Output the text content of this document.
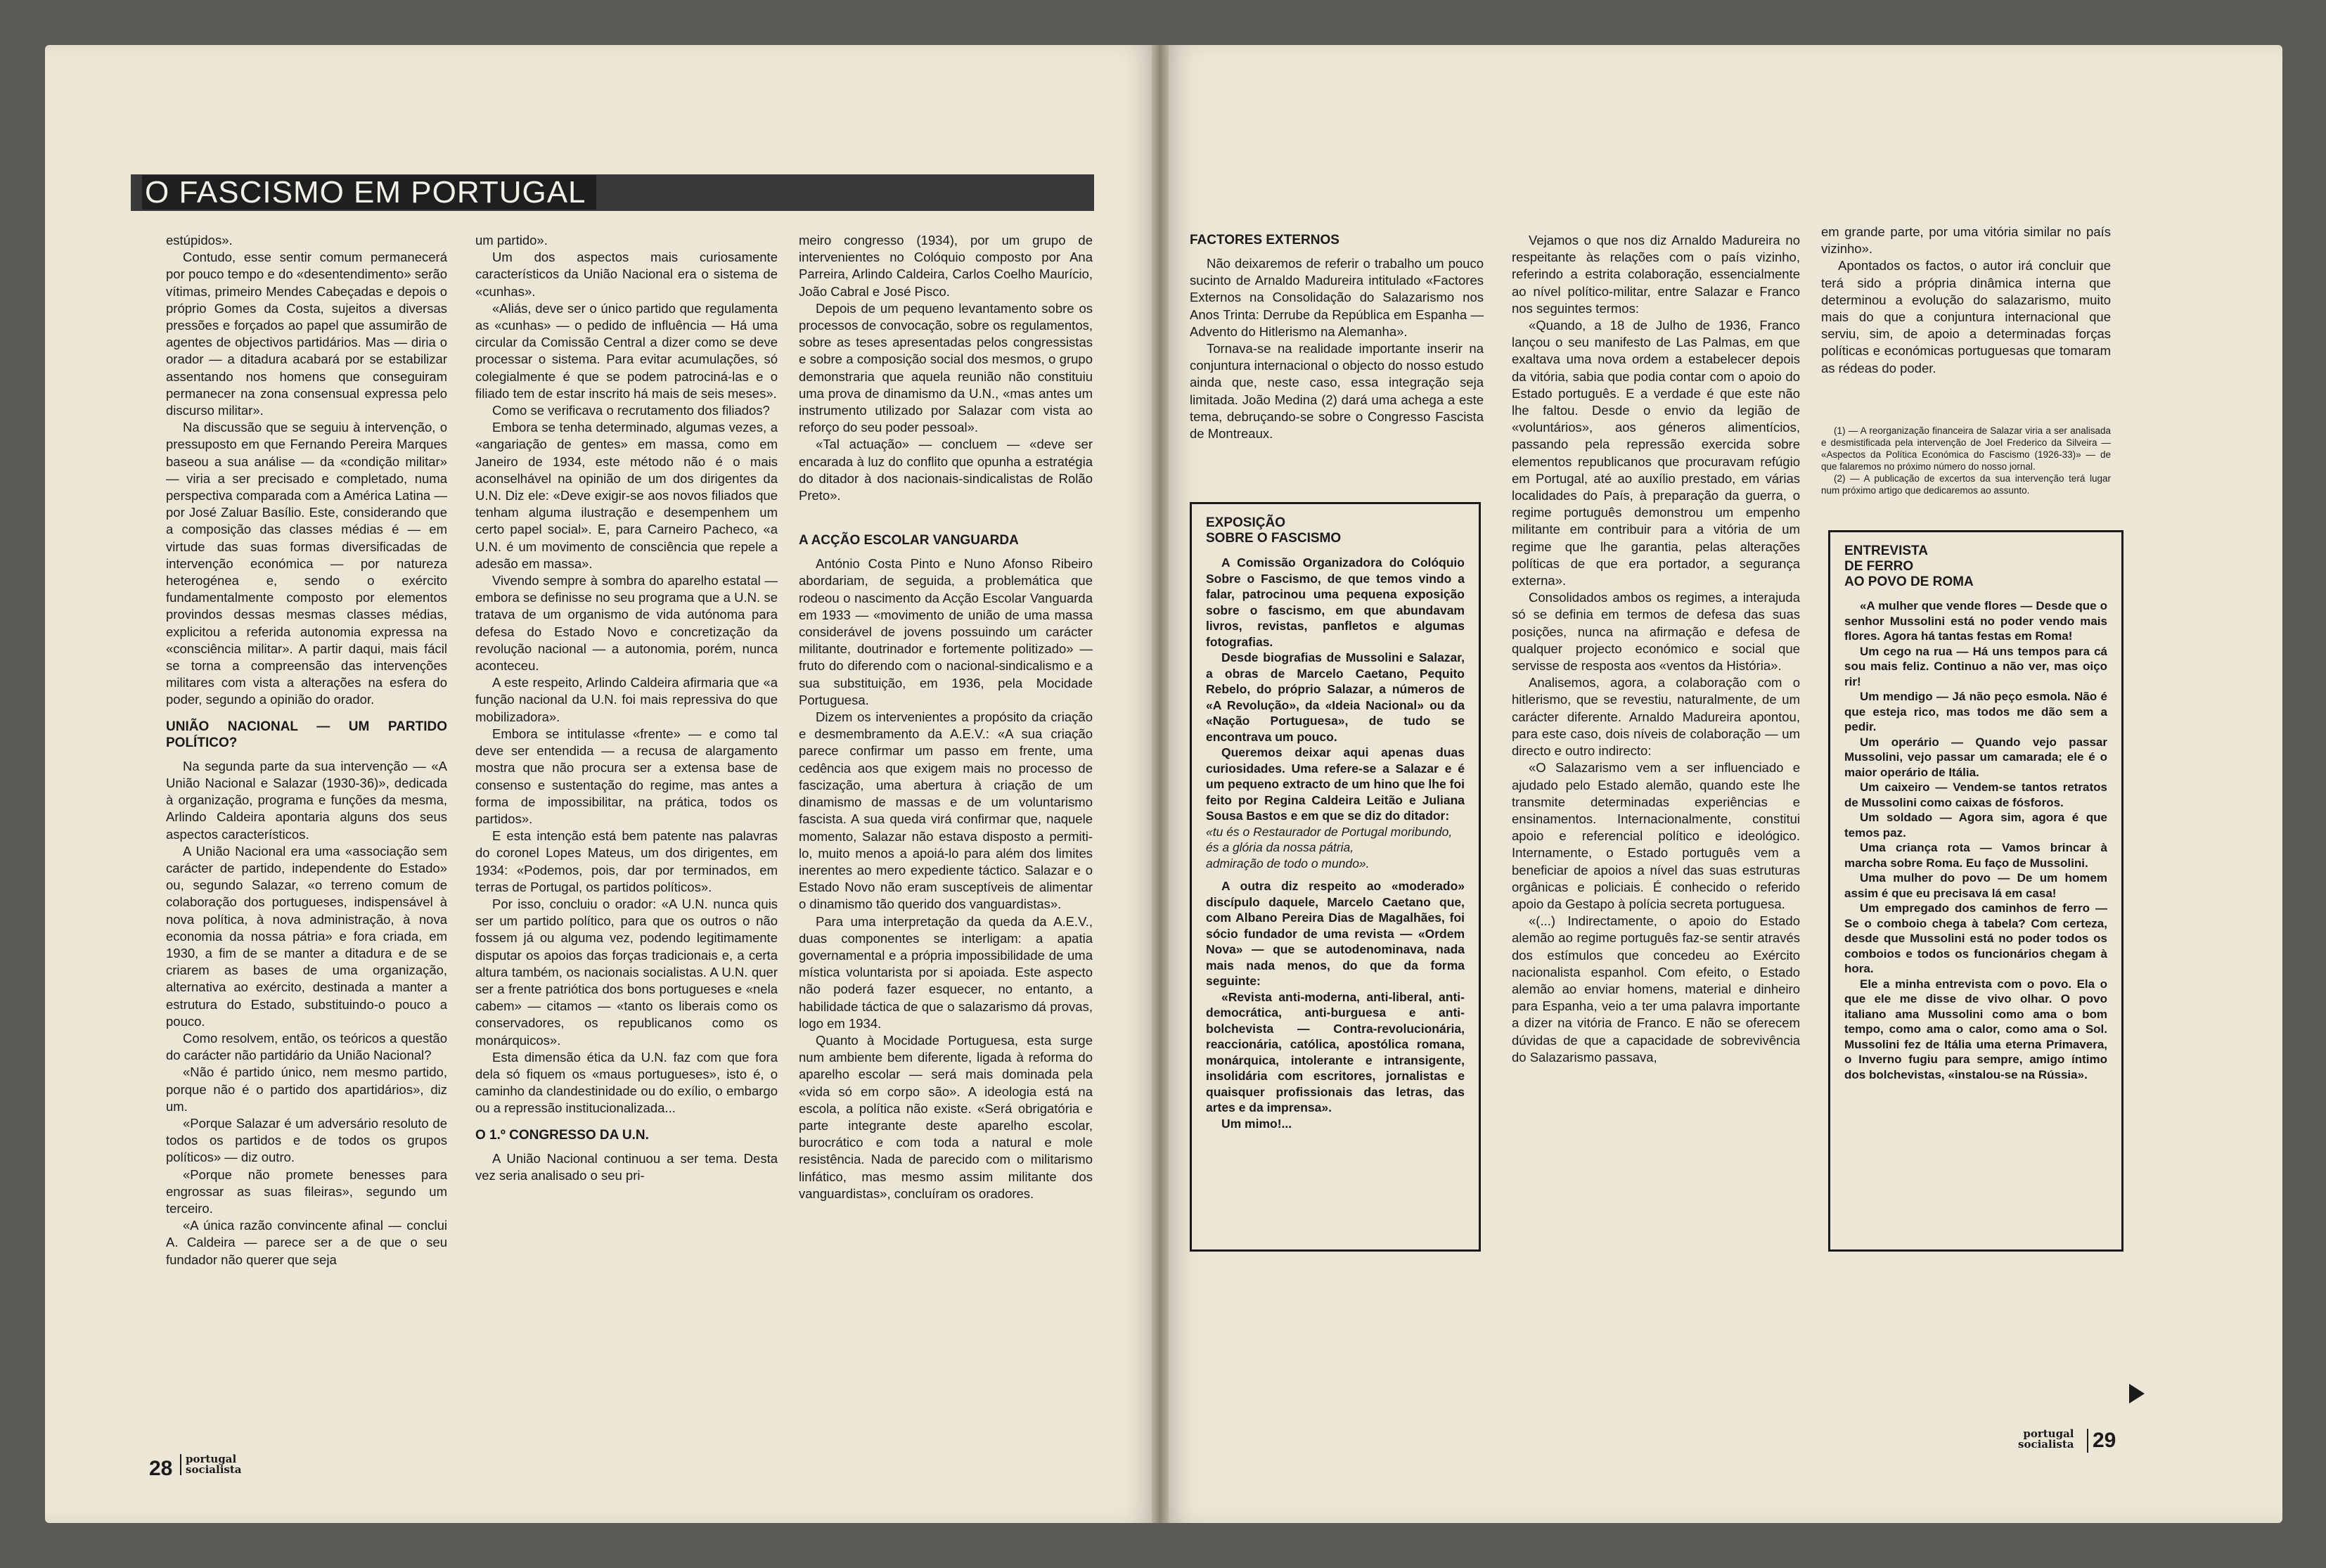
O FASCISMO EM PORTUGAL

estúpidos».

Contudo, esse sentir comum permanecerá por pouco tempo e do «desentendimento» serão vítimas, primeiro Mendes Cabeçadas e depois o próprio Gomes da Costa, sujeitos a diversas pressões e forçados ao papel que assumirão de agentes de objectivos partidários. Mas — diria o orador — a ditadura acabará por se estabilizar assentando nos homens que conseguiram permanecer na zona consensual expressa pelo discurso militar».

Na discussão que se seguiu à intervenção, o pressuposto em que Fernando Pereira Marques baseou a sua análise — da «condição militar» — viria a ser precisado e completado, numa perspectiva comparada com a América Latina — por José Zaluar Basílio. Este, considerando que a composição das classes médias é — em virtude das suas formas diversificadas de intervenção económica — por natureza heterogénea e, sendo o exército fundamentalmente composto por elementos provindos dessas mesmas classes médias, explicitou a referida autonomia expressa na «consciência militar». A partir daqui, mais fácil se torna a compreensão das intervenções militares com vista a alterações na esfera do poder, segundo a opinião do orador.

UNIÃO NACIONAL — UM PARTIDO POLÍTICO?

Na segunda parte da sua intervenção — «A União Nacional e Salazar (1930-36)», dedicada à organização, programa e funções da mesma, Arlindo Caldeira apontaria alguns dos seus aspectos característicos.

A União Nacional era uma «associação sem carácter de partido, independente do Estado» ou, segundo Salazar, «o terreno comum de colaboração dos portugueses, indispensável à nova política, à nova administração, à nova economia da nossa pátria» e fora criada, em 1930, a fim de se manter a ditadura e de se criarem as bases de uma organização, alternativa ao exército, destinada a manter a estrutura do Estado, substituindo-o pouco a pouco.

Como resolvem, então, os teóricos a questão do carácter não partidário da União Nacional?

«Não é partido único, nem mesmo partido, porque não é o partido dos apartidários», diz um.

«Porque Salazar é um adversário resoluto de todos os partidos e de todos os grupos políticos» — diz outro.

«Porque não promete benesses para engrossar as suas fileiras», segundo um terceiro.

«A única razão convincente afinal — conclui A. Caldeira — parece ser a de que o seu fundador não querer que seja

um partido».

Um dos aspectos mais curiosamente característicos da União Nacional era o sistema de «cunhas».

«Aliás, deve ser o único partido que regulamenta as «cunhas» — o pedido de influência — Há uma circular da Comissão Central a dizer como se deve processar o sistema. Para evitar acumulações, só colegialmente é que se podem patrociná-las e o filiado tem de estar inscrito há mais de seis meses».

Como se verificava o recrutamento dos filiados?

Embora se tenha determinado, algumas vezes, a «angariação de gentes» em massa, como em Janeiro de 1934, este método não é o mais aconselhável na opinião de um dos dirigentes da U.N. Diz ele: «Deve exigir-se aos novos filiados que tenham alguma ilustração e desempenhem um certo papel social». E, para Carneiro Pacheco, «a U.N. é um movimento de consciência que repele a adesão em massa».

Vivendo sempre à sombra do aparelho estatal — embora se definisse no seu programa que a U.N. se tratava de um organismo de vida autónoma para defesa do Estado Novo e concretização da revolução nacional — a autonomia, porém, nunca aconteceu.

A este respeito, Arlindo Caldeira afirmaria que «a função nacional da U.N. foi mais repressiva do que mobilizadora».

Embora se intitulasse «frente» — e como tal deve ser entendida — a recusa de alargamento mostra que não procura ser a extensa base de consenso e sustentação do regime, mas antes a forma de impossibilitar, na prática, todos os partidos».

E esta intenção está bem patente nas palavras do coronel Lopes Mateus, um dos dirigentes, em 1934: «Podemos, pois, dar por terminados, em terras de Portugal, os partidos políticos».

Por isso, concluiu o orador: «A U.N. nunca quis ser um partido político, para que os outros o não fossem já ou alguma vez, podendo legitimamente disputar os apoios das forças tradicionais e, a certa altura também, os nacionais socialistas. A U.N. quer ser a frente patriótica dos bons portugueses e «nela cabem» — citamos — «tanto os liberais como os conservadores, os republicanos como os monárquicos».

Esta dimensão ética da U.N. faz com que fora dela só fiquem os «maus portugueses», isto é, o caminho da clandestinidade ou do exílio, o embargo ou a repressão institucionalizada...

O 1.º CONGRESSO DA U.N.

A União Nacional continuou a ser tema. Desta vez seria analisado o seu pri-

meiro congresso (1934), por um grupo de intervenientes no Colóquio composto por Ana Parreira, Arlindo Caldeira, Carlos Coelho Maurício, João Cabral e José Pisco.

Depois de um pequeno levantamento sobre os processos de convocação, sobre os regulamentos, sobre as teses apresentadas pelos congressistas e sobre a composição social dos mesmos, o grupo demonstraria que aquela reunião não constituiu uma prova de dinamismo da U.N., «mas antes um instrumento utilizado por Salazar com vista ao reforço do seu poder pessoal».

«Tal actuação» — concluem — «deve ser encarada à luz do conflito que opunha a estratégia do ditador à dos nacionais-sindicalistas de Rolão Preto».

A ACÇÃO ESCOLAR VANGUARDA

António Costa Pinto e Nuno Afonso Ribeiro abordariam, de seguida, a problemática que rodeou o nascimento da Acção Escolar Vanguarda em 1933 — «movimento de união de uma massa considerável de jovens possuindo um carácter militante, doutrinador e fortemente politizado» — fruto do diferendo com o nacional-sindicalismo e a sua substituição, em 1936, pela Mocidade Portuguesa.

Dizem os intervenientes a propósito da criação e desmembramento da A.E.V.: «A sua criação parece confirmar um passo em frente, uma cedência aos que exigem mais no processo de fascização, uma abertura à criação de um dinamismo de massas e de um voluntarismo fascista. A sua queda virá confirmar que, naquele momento, Salazar não estava disposto a permiti-lo, muito menos a apoiá-lo para além dos limites inerentes ao mero expediente táctico. Salazar e o Estado Novo não eram susceptíveis de alimentar o dinamismo tão querido dos vanguardistas».

Para uma interpretação da queda da A.E.V., duas componentes se interligam: a apatia governamental e a própria impossibilidade de uma mística voluntarista por si apoiada. Este aspecto não poderá fazer esquecer, no entanto, a habilidade táctica de que o salazarismo dá provas, logo em 1934.

Quanto à Mocidade Portuguesa, esta surge num ambiente bem diferente, ligada à reforma do aparelho escolar — será mais dominada pela «vida só em corpo são». A ideologia está na escola, a política não existe. «Será obrigatória e parte integrante deste aparelho escolar, burocrático e com toda a natural e mole resistência. Nada de parecido com o militarismo linfático, mas mesmo assim militante dos vanguardistas», concluíram os oradores.

28 portugal
socialista
FACTORES EXTERNOS

Não deixaremos de referir o trabalho um pouco sucinto de Arnaldo Madureira intitulado «Factores Externos na Consolidação do Salazarismo nos Anos Trinta: Derrube da República em Espanha — Advento do Hitlerismo na Alemanha».

Tornava-se na realidade importante inserir na conjuntura internacional o objecto do nosso estudo ainda que, neste caso, essa integração seja limitada. João Medina (2) dará uma achega a este tema, debruçando-se sobre o Congresso Fascista de Montreaux.

EXPOSIÇÃO
SOBRE O FASCISMO

A Comissão Organizadora do Colóquio Sobre o Fascismo, de que temos vindo a falar, patrocinou uma pequena exposição sobre o fascismo, em que abundavam livros, revistas, panfletos e algumas fotografias.

Desde biografias de Mussolini e Salazar, a obras de Marcelo Caetano, Pequito Rebelo, do próprio Salazar, a números de «A Revolução», da «Ideia Nacional» ou da «Nação Portuguesa», de tudo se encontrava um pouco.

Queremos deixar aqui apenas duas curiosidades. Uma refere-se a Salazar e é um pequeno extracto de um hino que lhe foi feito por Regina Caldeira Leitão e Juliana Sousa Bastos e em que se diz do ditador:

«tu és o Restaurador de Portugal moribundo,

és a glória da nossa pátria,

admiração de todo o mundo».

A outra diz respeito ao «moderado» discípulo daquele, Marcelo Caetano que, com Albano Pereira Dias de Magalhães, foi sócio fundador de uma revista — «Ordem Nova» — que se autodenominava, nada mais nada menos, do que da forma seguinte:

«Revista anti-moderna, anti-liberal, anti-democrática, anti-burguesa e anti-bolchevista — Contra-revolucionária, reaccionária, católica, apostólica romana, monárquica, intolerante e intransigente, insolidária com escritores, jornalistas e quaisquer profissionais das letras, das artes e da imprensa».

Um mimo!...

Vejamos o que nos diz Arnaldo Madureira no respeitante às relações com o país vizinho, referindo a estrita colaboração, essencialmente ao nível político-militar, entre Salazar e Franco nos seguintes termos:

«Quando, a 18 de Julho de 1936, Franco lançou o seu manifesto de Las Palmas, em que exaltava uma nova ordem a estabelecer depois da vitória, sabia que podia contar com o apoio do Estado português. E a verdade é que este não lhe faltou. Desde o envio da legião de «voluntários», aos géneros alimentícios, passando pela repressão exercida sobre elementos republicanos que procuravam refúgio em Portugal, até ao auxílio prestado, em várias localidades do País, à preparação da guerra, o regime português demonstrou um empenho militante em contribuir para a vitória de um regime que lhe garantia, pelas alterações políticas de que era portador, a segurança externa».

Consolidados ambos os regimes, a interajuda só se definia em termos de defesa das suas posições, nunca na afirmação e defesa de qualquer projecto económico e social que servisse de resposta aos «ventos da História».

Analisemos, agora, a colaboração com o hitlerismo, que se revestiu, naturalmente, de um carácter diferente. Arnaldo Madureira apontou, para este caso, dois níveis de colaboração — um directo e outro indirecto:

«O Salazarismo vem a ser influenciado e ajudado pelo Estado alemão, quando este lhe transmite determinadas experiências e ensinamentos. Internacionalmente, constitui apoio e referencial político e ideológico. Internamente, o Estado português vem a beneficiar de apoios a nível das suas estruturas orgânicas e policiais. É conhecido o referido apoio da Gestapo à polícia secreta portuguesa.

«(...) Indirectamente, o apoio do Estado alemão ao regime português faz-se sentir através dos estímulos que concedeu ao Exército nacionalista espanhol. Com efeito, o Estado alemão ao enviar homens, material e dinheiro para Espanha, veio a ter uma palavra importante a dizer na vitória de Franco. E não se oferecem dúvidas de que a capacidade de sobrevivência do Salazarismo passava,

em grande parte, por uma vitória similar no país vizinho».

Apontados os factos, o autor irá concluir que terá sido a própria dinâmica interna que determinou a evolução do salazarismo, muito mais do que a conjuntura internacional que serviu, sim, de apoio a determinadas forças políticas e económicas portuguesas que tomaram as rédeas do poder.

(1) — A reorganização financeira de Salazar viria a ser analisada e desmistificada pela intervenção de Joel Frederico da Silveira — «Aspectos da Política Económica do Fascismo (1926-33)» — de que falaremos no próximo número do nosso jornal.

(2) — A publicação de excertos da sua intervenção terá lugar num próximo artigo que dedicaremos ao assunto.

ENTREVISTA
DE FERRO
AO POVO DE ROMA

«A mulher que vende flores — Desde que o senhor Mussolini está no poder vendo mais flores. Agora há tantas festas em Roma!

Um cego na rua — Há uns tempos para cá sou mais feliz. Continuo a não ver, mas oiço rir!

Um mendigo — Já não peço esmola. Não é que esteja rico, mas todos me dão sem a pedir.

Um operário — Quando vejo passar Mussolini, vejo passar um camarada; ele é o maior operário de Itália.

Um caixeiro — Vendem-se tantos retratos de Mussolini como caixas de fósforos.

Um soldado — Agora sim, agora é que temos paz.

Uma criança rota — Vamos brincar à marcha sobre Roma. Eu faço de Mussolini.

Uma mulher do povo — De um homem assim é que eu precisava lá em casa!

Um empregado dos caminhos de ferro — Se o comboio chega à tabela? Com certeza, desde que Mussolini está no poder todos os comboios e todos os funcionários chegam à hora.

Ele a minha entrevista com o povo. Ela o que ele me disse de vivo olhar. O povo italiano ama Mussolini como ama o bom tempo, como ama o calor, como ama o Sol. Mussolini fez de Itália uma eterna Primavera, o Inverno fugiu para sempre, amigo íntimo dos bolchevistas, «instalou-se na Rússia».

portugal
socialista 29
